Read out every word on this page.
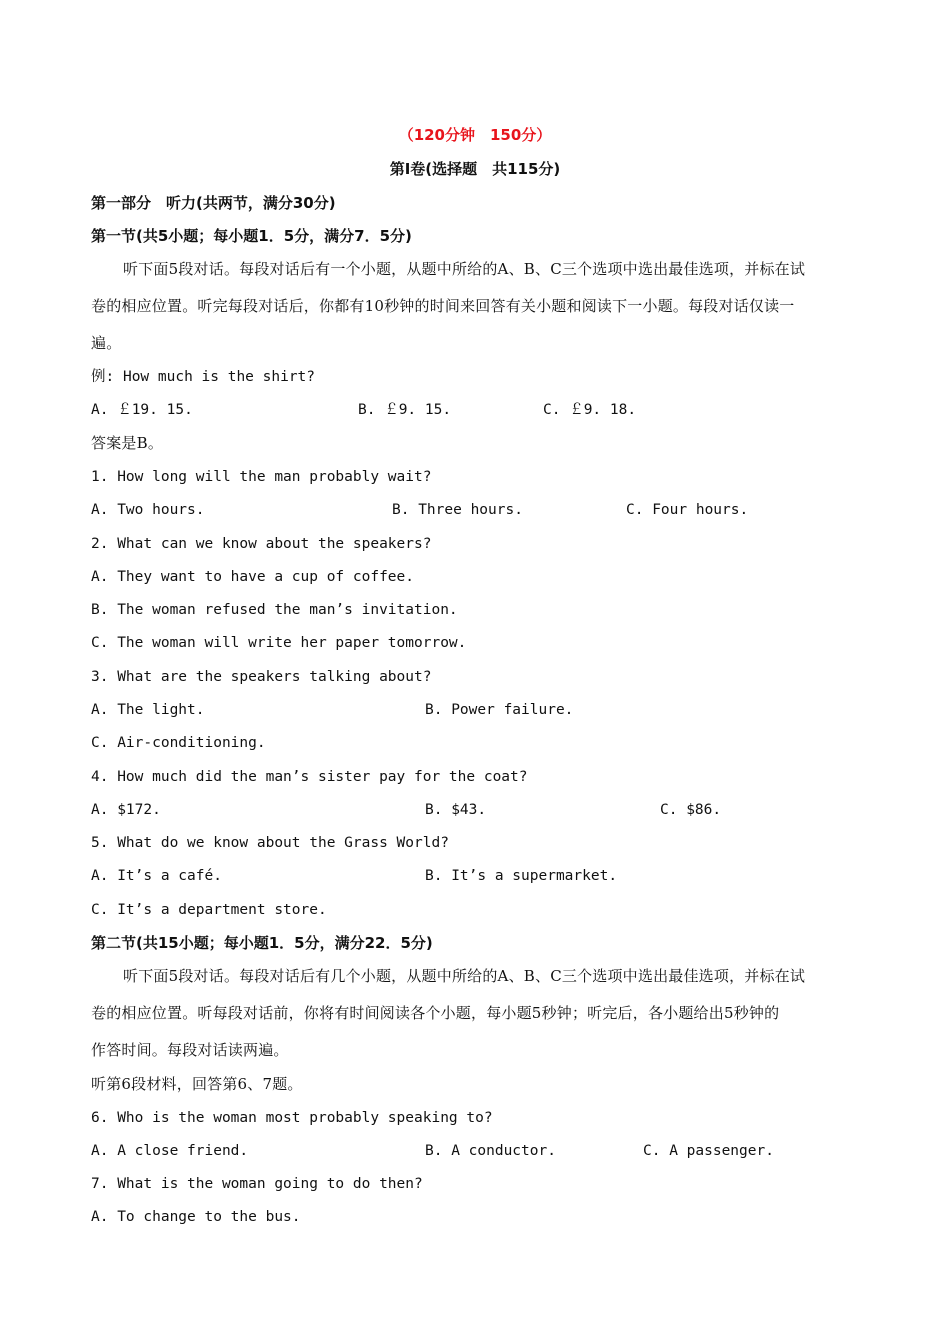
（120分钟　150分）
第Ⅰ卷(选择题　共115分)
第一部分　听力(共两节，满分30分)
第一节(共5小题；每小题1．5分，满分7．5分)
听下面5段对话。每段对话后有一个小题，从题中所给的A、B、C三个选项中选出最佳选项，并标在试
卷的相应位置。听完每段对话后，你都有10秒钟的时间来回答有关小题和阅读下一小题。每段对话仅读一
遍。
例: How much is the shirt?
A. ￡19. 15.	B. ￡9. 15.	C. ￡9. 18.
答案是B。
1. How long will the man probably wait?
A. Two hours.	B. Three hours.	C. Four hours.
2. What can we know about the speakers?
A. They want to have a cup of coffee.
B. The woman refused the man’s invitation.
C. The woman will write her paper tomorrow.
3. What are the speakers talking about?
A. The light.	B. Power failure.
C. Air-conditioning.
4. How much did the man’s sister pay for the coat?
A. $172.	B. $43.	C. $86.
5. What do we know about the Grass World?
A. It’s a café.	B. It’s a supermarket.
C. It’s a department store.
第二节(共15小题；每小题1．5分，满分22．5分)
听下面5段对话。每段对话后有几个小题，从题中所给的A、B、C三个选项中选出最佳选项，并标在试
卷的相应位置。听每段对话前，你将有时间阅读各个小题，每小题5秒钟；听完后，各小题给出5秒钟的
作答时间。每段对话读两遍。
听第6段材料，回答第6、7题。
6. Who is the woman most probably speaking to?
A. A close friend.	B. A conductor.	C. A passenger.
7. What is the woman going to do then?
A. To change to the bus.
